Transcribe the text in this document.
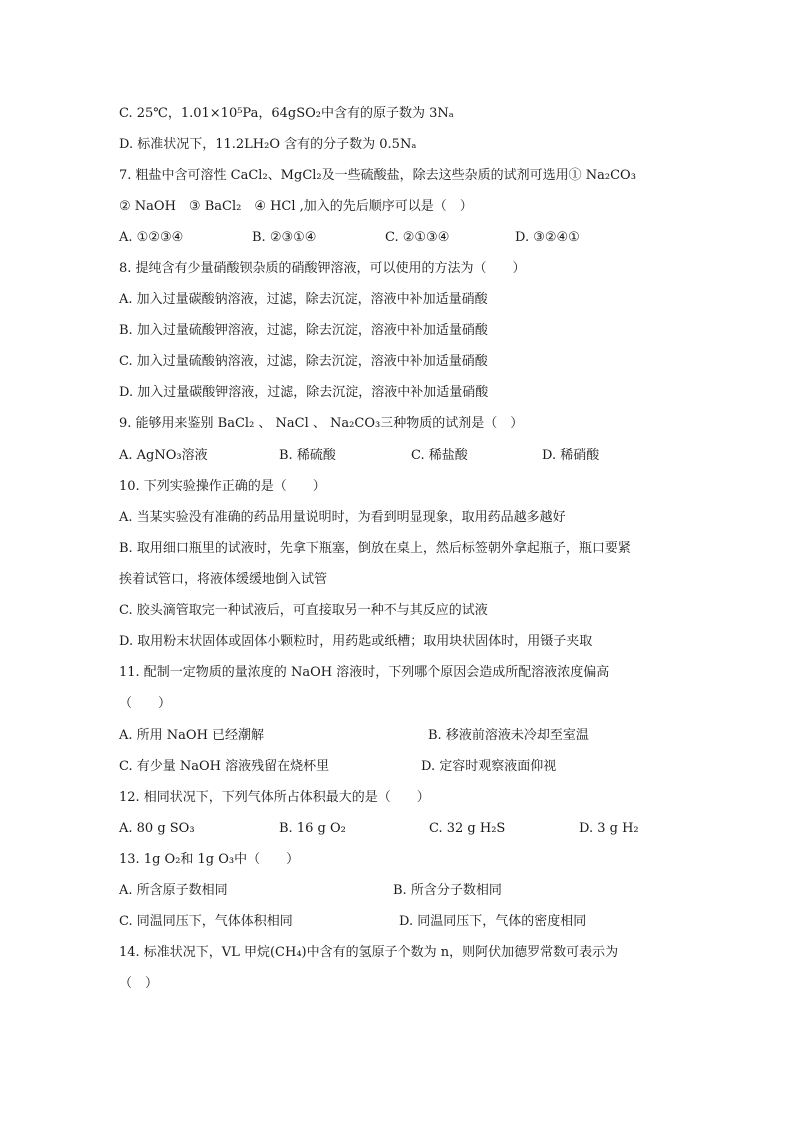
C. 25℃，1.01×10⁵Pa，64gSO₂中含有的原子数为 3Nₐ
D. 标准状况下，11.2LH₂O 含有的分子数为 0.5Nₐ
7. 粗盐中含可溶性 CaCl₂、MgCl₂及一些硫酸盐，除去这些杂质的试剂可选用① Na₂CO₃
② NaOH　③ BaCl₂　④ HCl ,加入的先后顺序可以是（　）
A. ①②③④	B. ②③①④	C. ②①③④	D. ③②④①
8. 提纯含有少量硝酸钡杂质的硝酸钾溶液，可以使用的方法为（　　）
A. 加入过量碳酸钠溶液，过滤，除去沉淀，溶液中补加适量硝酸
B. 加入过量硫酸钾溶液，过滤，除去沉淀，溶液中补加适量硝酸
C. 加入过量硫酸钠溶液，过滤，除去沉淀，溶液中补加适量硝酸
D. 加入过量碳酸钾溶液，过滤，除去沉淀，溶液中补加适量硝酸
9. 能够用来鉴别 BaCl₂ 、 NaCl 、 Na₂CO₃三种物质的试剂是（　）
A. AgNO₃溶液	B. 稀硫酸	C. 稀盐酸	D. 稀硝酸
10. 下列实验操作正确的是（　　）
A. 当某实验没有准确的药品用量说明时，为看到明显现象，取用药品越多越好
B. 取用细口瓶里的试液时，先拿下瓶塞，倒放在桌上，然后标签朝外拿起瓶子，瓶口要紧
挨着试管口，将液体缓缓地倒入试管
C. 胶头滴管取完一种试液后，可直接取另一种不与其反应的试液
D. 取用粉末状固体或固体小颗粒时，用药匙或纸槽；取用块状固体时，用镊子夹取
11. 配制一定物质的量浓度的 NaOH 溶液时，下列哪个原因会造成所配溶液浓度偏高
（　　）
A. 所用 NaOH 已经潮解	B. 移液前溶液未冷却至室温
C. 有少量 NaOH 溶液残留在烧杯里	D. 定容时观察液面仰视
12. 相同状况下，下列气体所占体积最大的是（　　）
A. 80 g SO₃	B. 16 g O₂	C. 32 g H₂S	D. 3 g H₂
13. 1g O₂和 1g O₃中（　　）
A. 所含原子数相同	B. 所含分子数相同
C. 同温同压下，气体体积相同	D. 同温同压下，气体的密度相同
14. 标准状况下，VL 甲烷(CH₄)中含有的氢原子个数为 n，则阿伏加德罗常数可表示为
（　）
